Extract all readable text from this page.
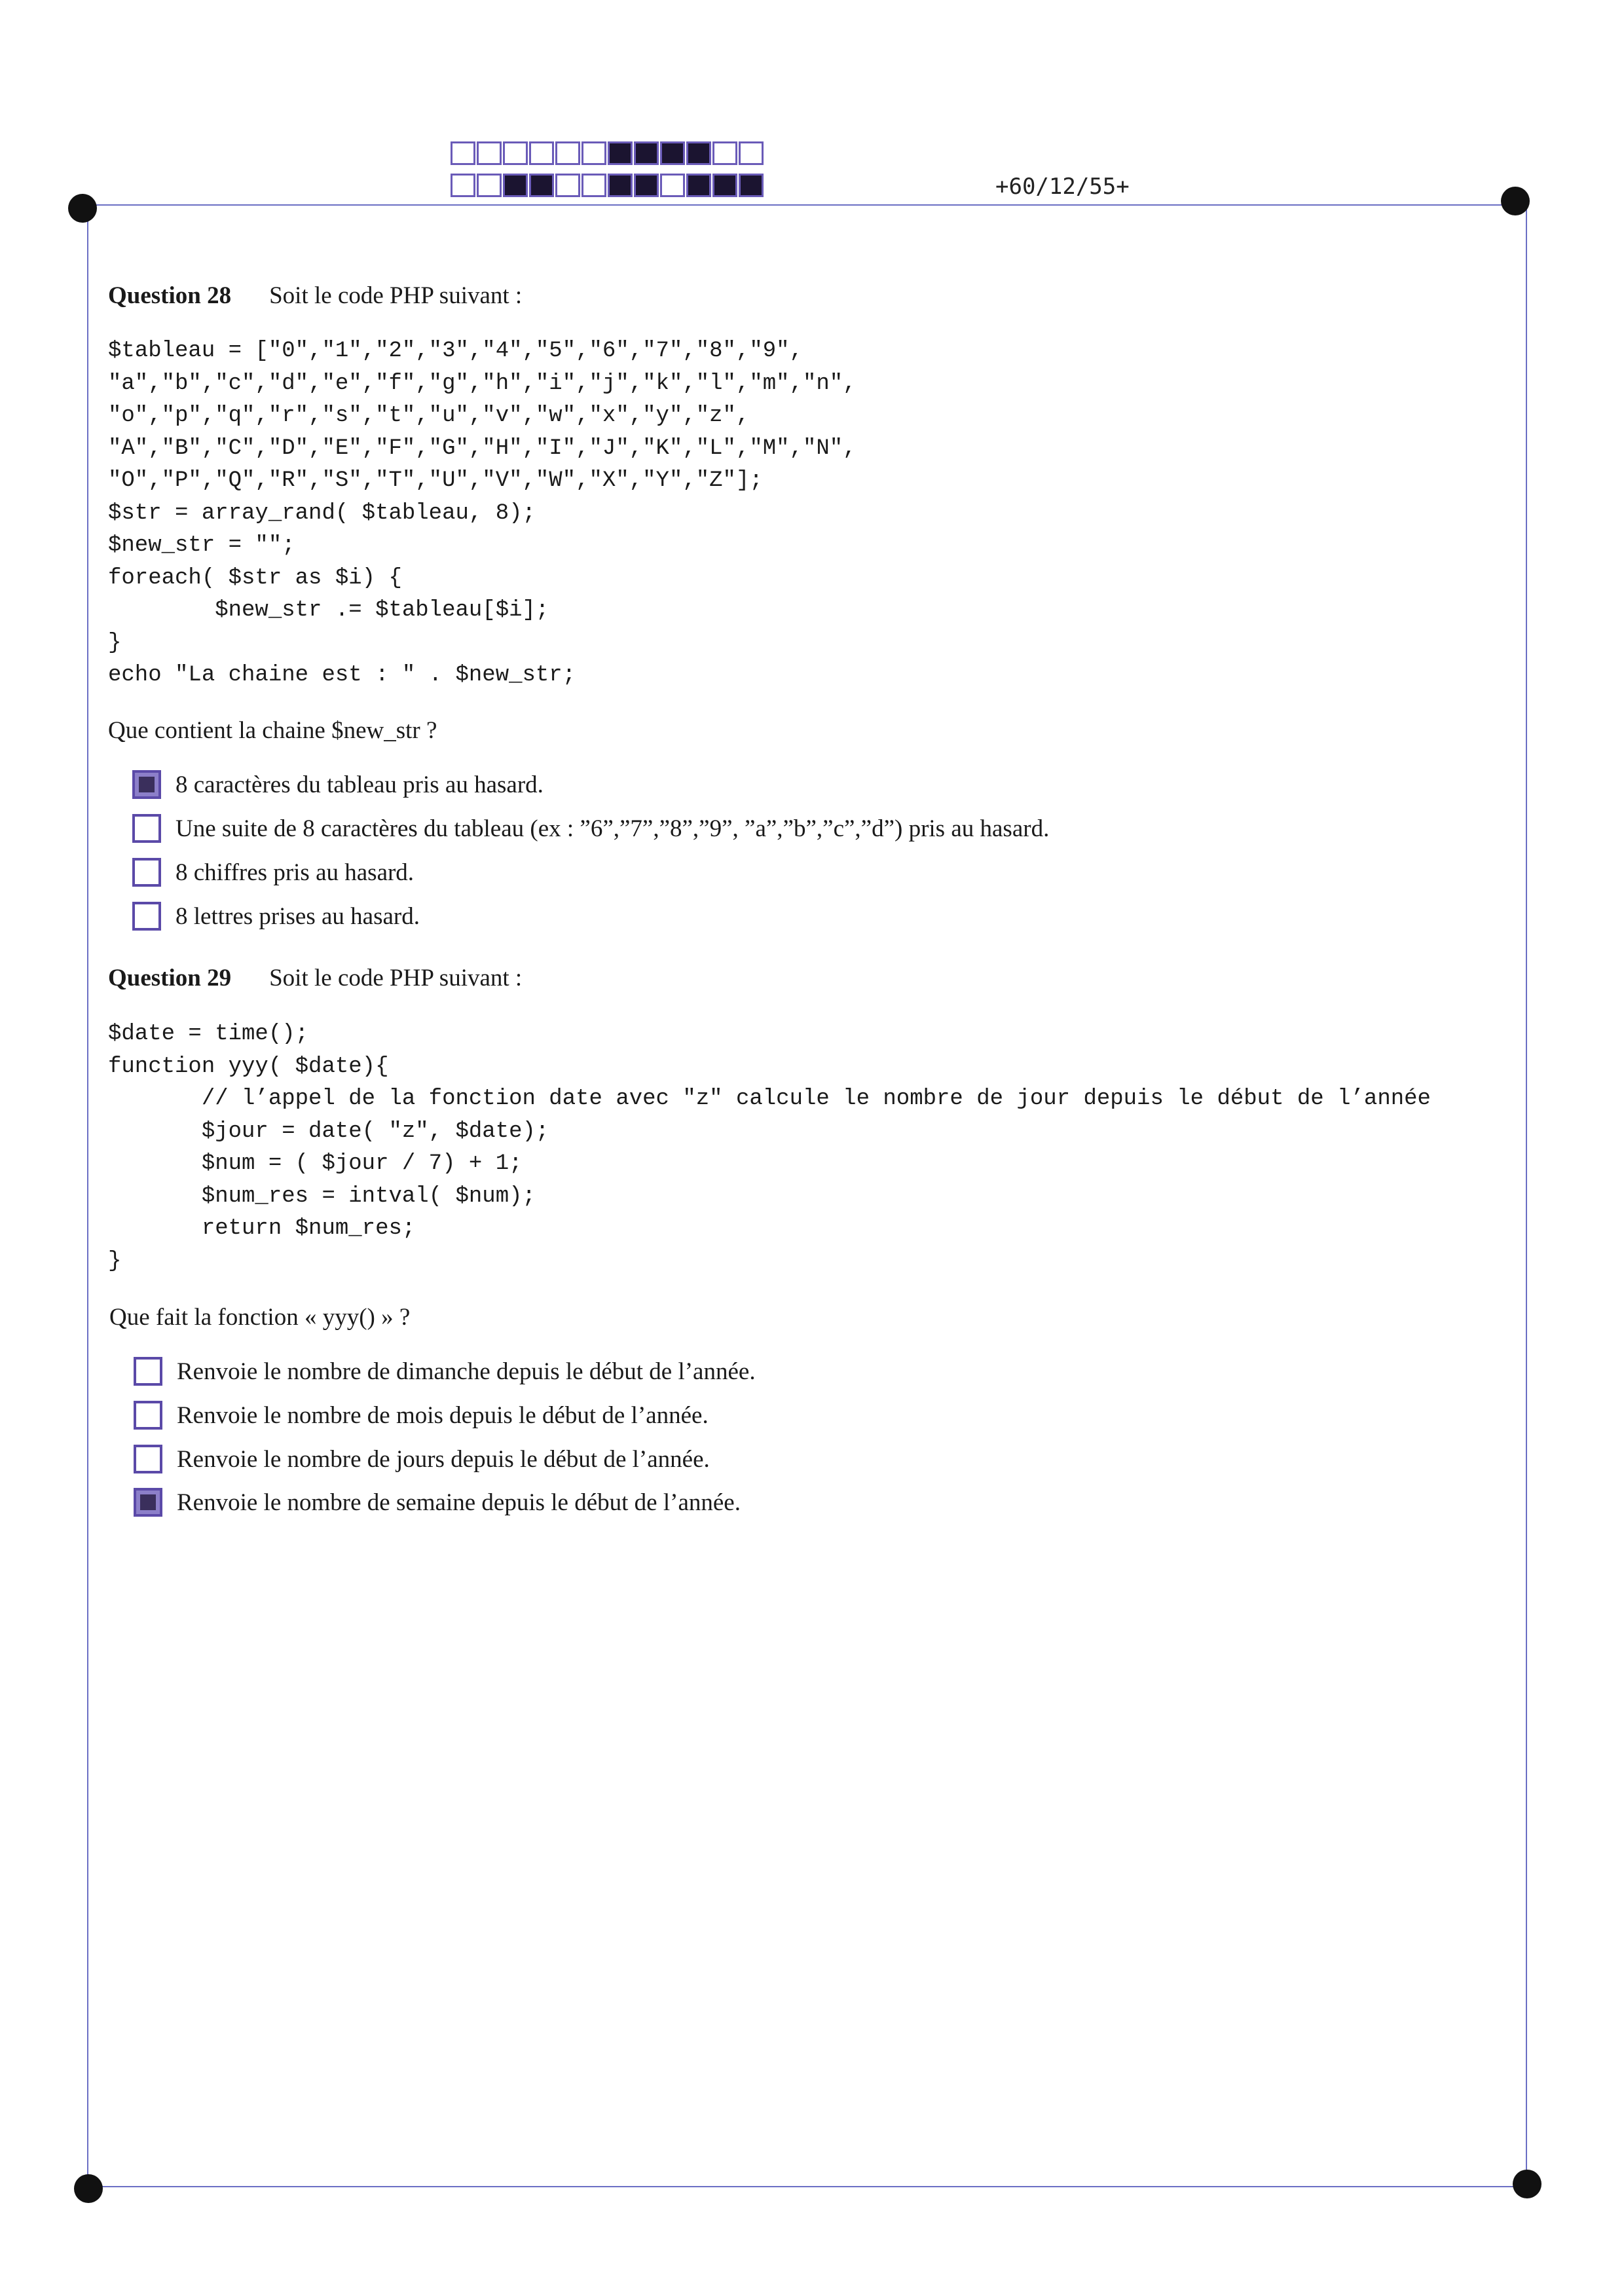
+60/12/55+
Question 28 Soit le code PHP suivant :
$tableau = ["0","1","2","3","4","5","6","7","8","9",
"a","b","c","d","e","f","g","h","i","j","k","l","m","n",
"o","p","q","r","s","t","u","v","w","x","y","z",
"A","B","C","D","E","F","G","H","I","J","K","L","M","N",
"O","P","Q","R","S","T","U","V","W","X","Y","Z"];
$str = array_rand( $tableau, 8);
$new_str = "";
foreach( $str as $i) {
$new_str .= $tableau[$i];
}
echo "La chaine est : " . $new_str;
Que contient la chaine $new_str ?
8 caractères du tableau pris au hasard.
Une suite de 8 caractères du tableau (ex : ”6”,”7”,”8”,”9”, ”a”,”b”,”c”,”d”) pris au hasard.
8 chiffres pris au hasard.
8 lettres prises au hasard.
Question 29 Soit le code PHP suivant :
$date = time();
function yyy( $date){
// l’appel de la fonction date avec "z" calcule le nombre de jour depuis le début de l’année
$jour = date( "z", $date);
$num = ( $jour / 7) + 1;
$num_res = intval( $num);
return $num_res;
}
Que fait la fonction « yyy() » ?
Renvoie le nombre de dimanche depuis le début de l’année.
Renvoie le nombre de mois depuis le début de l’année.
Renvoie le nombre de jours depuis le début de l’année.
Renvoie le nombre de semaine depuis le début de l’année.
